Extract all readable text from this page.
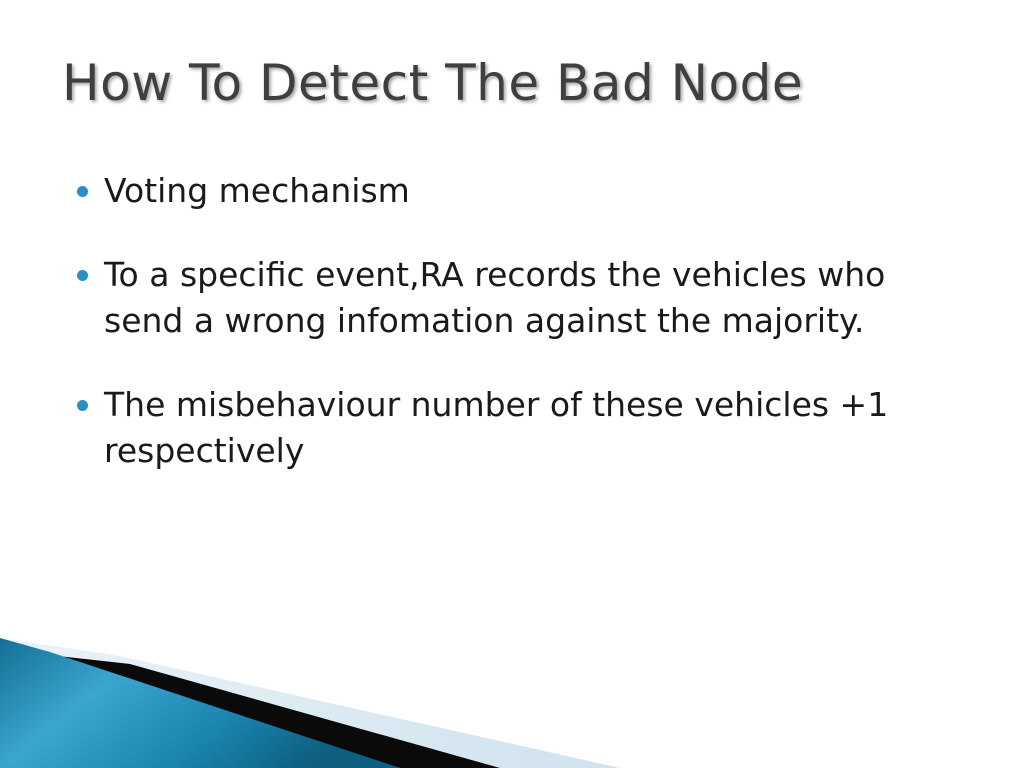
How To Detect The Bad Node
Voting mechanism
To a specific event,RA records the vehicles who send a wrong infomation against the majority.
The misbehaviour number of these vehicles +1 respectively
